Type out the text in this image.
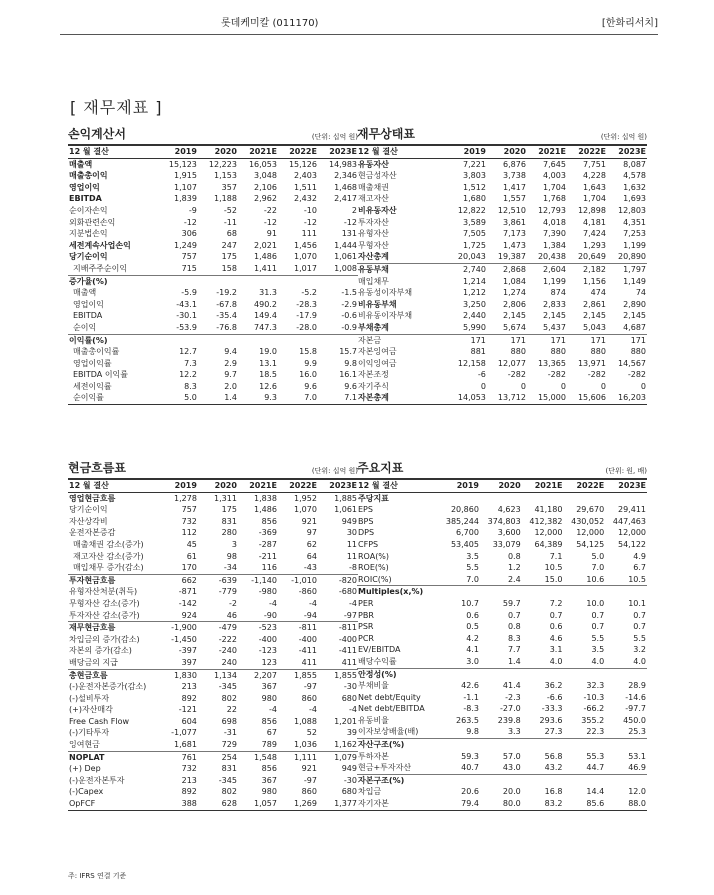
롯데케미칼 (011170)	[한화리서치]
[ 재무제표 ]
손익계산서	(단위: 십억 원)
12 월 결산	2019	2020	2021E	2022E	2023E
매출액	15,123	12,223	16,053	15,126	14,983
매출총이익	1,915	1,153	3,048	2,403	2,346
영업이익	1,107	357	2,106	1,511	1,468
EBITDA	1,839	1,188	2,962	2,432	2,417
순이자손익	-9	-52	-22	-10	2
외화관련손익	-12	-11	-12	-12	-12
지분법손익	306	68	91	111	131
세전계속사업손익	1,249	247	2,021	1,456	1,444
당기순이익	757	175	1,486	1,070	1,061
지배주주순이익	715	158	1,411	1,017	1,008
증가율(%)					
매출액	-5.9	-19.2	31.3	-5.2	-1.5
영업이익	-43.1	-67.8	490.2	-28.3	-2.9
EBITDA	-30.1	-35.4	149.4	-17.9	-0.6
순이익	-53.9	-76.8	747.3	-28.0	-0.9
이익률(%)					
매출총이익률	12.7	9.4	19.0	15.8	15.7
영업이익률	7.3	2.9	13.1	9.9	9.8
EBITDA 이익률	12.2	9.7	18.5	16.0	16.1
세전이익률	8.3	2.0	12.6	9.6	9.6
순이익률	5.0	1.4	9.3	7.0	7.1
재무상태표	(단위: 십억 원)
12 월 결산	2019	2020	2021E	2022E	2023E
유동자산	7,221	6,876	7,645	7,751	8,087
현금성자산	3,803	3,738	4,003	4,228	4,578
매출채권	1,512	1,417	1,704	1,643	1,632
재고자산	1,680	1,557	1,768	1,704	1,693
비유동자산	12,822	12,510	12,793	12,898	12,803
투자자산	3,589	3,861	4,018	4,181	4,351
유형자산	7,505	7,173	7,390	7,424	7,253
무형자산	1,725	1,473	1,384	1,293	1,199
자산총계	20,043	19,387	20,438	20,649	20,890
유동부채	2,740	2,868	2,604	2,182	1,797
매입채무	1,214	1,084	1,199	1,156	1,149
유동성이자부채	1,212	1,274	874	474	74
비유동부채	3,250	2,806	2,833	2,861	2,890
비유동이자부채	2,440	2,145	2,145	2,145	2,145
부채총계	5,990	5,674	5,437	5,043	4,687
자본금	171	171	171	171	171
자본잉여금	881	880	880	880	880
이익잉여금	12,158	12,077	13,365	13,971	14,567
자본조정	-6	-282	-282	-282	-282
자기주식	0	0	0	0	0
자본총계	14,053	13,712	15,000	15,606	16,203
현금흐름표	(단위: 십억 원)
12 월 결산	2019	2020	2021E	2022E	2023E
영업현금흐름	1,278	1,311	1,838	1,952	1,885
당기순이익	757	175	1,486	1,070	1,061
자산상각비	732	831	856	921	949
운전자본증감	112	280	-369	97	30
매출채권 감소(증가)	45	3	-287	62	11
재고자산 감소(증가)	61	98	-211	64	11
매입채무 증가(감소)	170	-34	116	-43	-8
투자현금흐름	662	-639	-1,140	-1,010	-820
유형자산처분(취득)	-871	-779	-980	-860	-680
무형자산 감소(증가)	-142	-2	-4	-4	-4
투자자산 감소(증가)	924	46	-90	-94	-97
재무현금흐름	-1,900	-479	-523	-811	-811
차입금의 증가(감소)	-1,450	-222	-400	-400	-400
자본의 증가(감소)	-397	-240	-123	-411	-411
배당금의 지급	397	240	123	411	411
총현금흐름	1,830	1,134	2,207	1,855	1,855
(-)운전자본증가(감소)	213	-345	367	-97	-30
(-)설비투자	892	802	980	860	680
(+)자산매각	-121	22	-4	-4	-4
Free Cash Flow	604	698	856	1,088	1,201
(-)기타투자	-1,077	-31	67	52	39
잉여현금	1,681	729	789	1,036	1,162
NOPLAT	761	254	1,548	1,111	1,079
(+) Dep	732	831	856	921	949
(-)운전자본투자	213	-345	367	-97	-30
(-)Capex	892	802	980	860	680
OpFCF	388	628	1,057	1,269	1,377
주요지표	(단위: 원, 배)
12 월 결산	2019	2020	2021E	2022E	2023E
주당지표					
EPS	20,860	4,623	41,180	29,670	29,411
BPS	385,244	374,803	412,382	430,052	447,463
DPS	6,700	3,600	12,000	12,000	12,000
CFPS	53,405	33,079	64,389	54,125	54,122
ROA(%)	3.5	0.8	7.1	5.0	4.9
ROE(%)	5.5	1.2	10.5	7.0	6.7
ROIC(%)	7.0	2.4	15.0	10.6	10.5
Multiples(x,%)					
PER	10.7	59.7	7.2	10.0	10.1
PBR	0.6	0.7	0.7	0.7	0.7
PSR	0.5	0.8	0.6	0.7	0.7
PCR	4.2	8.3	4.6	5.5	5.5
EV/EBITDA	4.1	7.7	3.1	3.5	3.2
배당수익률	3.0	1.4	4.0	4.0	4.0
안정성(%)					
부채비율	42.6	41.4	36.2	32.3	28.9
Net debt/Equity	-1.1	-2.3	-6.6	-10.3	-14.6
Net debt/EBITDA	-8.3	-27.0	-33.3	-66.2	-97.7
유동비율	263.5	239.8	293.6	355.2	450.0
이자보상배율(배)	9.8	3.3	27.3	22.3	25.3
자산구조(%)					
투하자본	59.3	57.0	56.8	55.3	53.1
현금+투자자산	40.7	43.0	43.2	44.7	46.9
자본구조(%)					
차입금	20.6	20.0	16.8	14.4	12.0
자기자본	79.4	80.0	83.2	85.6	88.0
주: IFRS 연결 기준
